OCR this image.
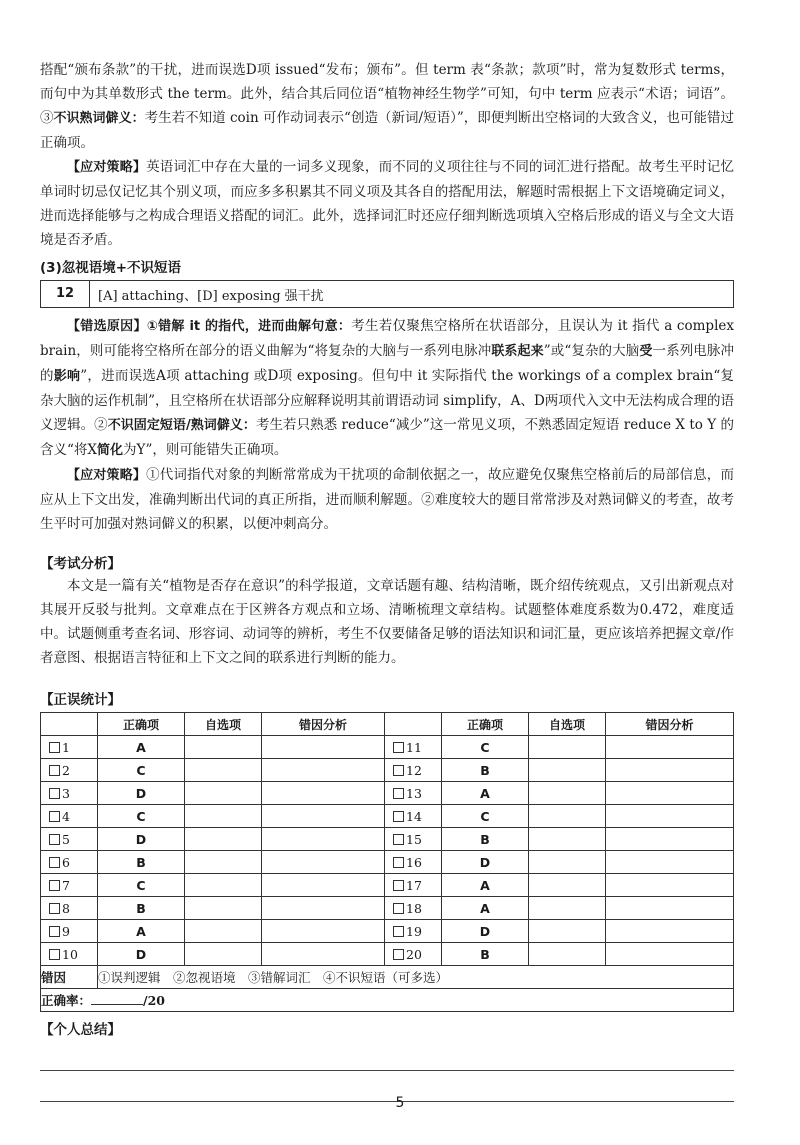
搭配“颁布条款”的干扰，进而误选D项 issued“发布；颁布”。但 term 表“条款；款项”时，常为复数形式 terms，而句中为其单数形式 the term。此外，结合其后同位语“植物神经生物学”可知，句中 term 应表示“术语；词语”。③不识熟词僻义：考生若不知道 coin 可作动词表示“创造（新词/短语）”，即便判断出空格词的大致含义，也可能错过正确项。

【应对策略】英语词汇中存在大量的一词多义现象，而不同的义项往往与不同的词汇进行搭配。故考生平时记忆单词时切忌仅记忆其个别义项，而应多多积累其不同义项及其各自的搭配用法，解题时需根据上下文语境确定词义，进而选择能够与之构成合理语义搭配的词汇。此外，选择词汇时还应仔细判断选项填入空格后形成的语义与全文大语境是否矛盾。

(3)忽视语境+不识短语
12	[A] attaching、[D] exposing 强干扰

【错选原因】①错解 it 的指代，进而曲解句意：考生若仅聚焦空格所在状语部分，且误认为 it 指代 a complex brain，则可能将空格所在部分的语义曲解为“将复杂的大脑与一系列电脉冲联系起来”或“复杂的大脑受一系列电脉冲的影响”，进而误选A项 attaching 或D项 exposing。但句中 it 实际指代 the workings of a complex brain“复杂大脑的运作机制”，且空格所在状语部分应解释说明其前谓语动词 simplify，A、D两项代入文中无法构成合理的语义逻辑。②不识固定短语/熟词僻义：考生若只熟悉 reduce“减少”这一常见义项，不熟悉固定短语 reduce X to Y 的含义“将X简化为Y”，则可能错失正确项。

【应对策略】①代词指代对象的判断常常成为干扰项的命制依据之一，故应避免仅聚焦空格前后的局部信息，而应从上下文出发，准确判断出代词的真正所指，进而顺利解题。②难度较大的题目常常涉及对熟词僻义的考查，故考生平时可加强对熟词僻义的积累，以便冲刺高分。

【考试分析】

本文是一篇有关“植物是否存在意识”的科学报道，文章话题有趣、结构清晰，既介绍传统观点，又引出新观点对其展开反驳与批判。文章难点在于区辨各方观点和立场、清晰梳理文章结构。试题整体难度系数为0.472，难度适中。试题侧重考查名词、形容词、动词等的辨析，考生不仅要储备足够的语法知识和词汇量，更应该培养把握文章/作者意图、根据语言特征和上下文之间的联系进行判断的能力。

【正误统计】
	正确项	自选项	错因分析		正确项	自选项	错因分析
1	A			11	C		
2	C			12	B		
3	D			13	A		
4	C			14	C		
5	D			15	B		
6	B			16	D		
7	C			17	A		
8	B			18	A		
9	A			19	D		
10	D			20	B		
错因	①误判逻辑　②忽视语境　③错解词汇　④不识短语（可多选）						
正确率： /20							
【个人总结】
5
